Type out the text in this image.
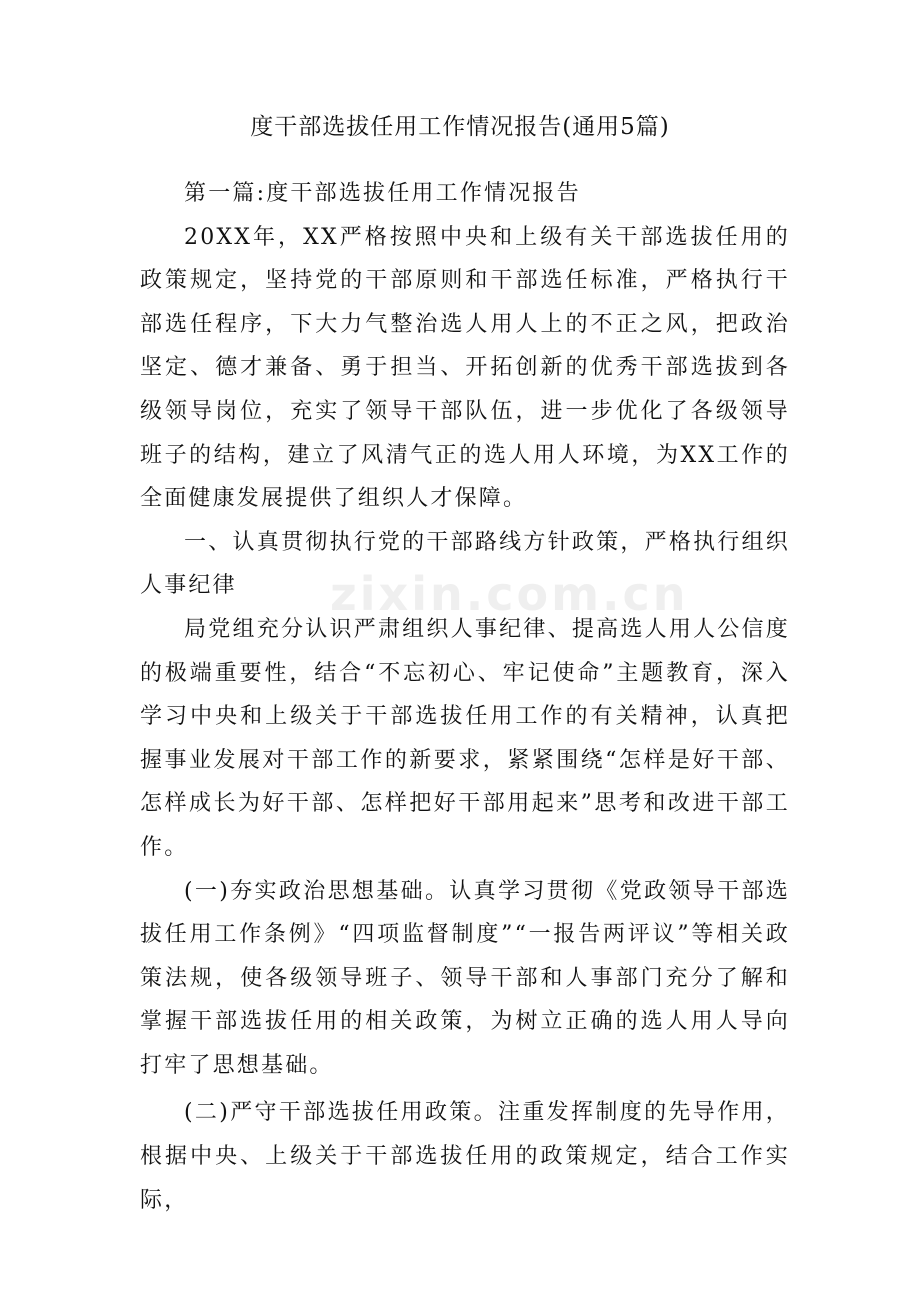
度干部选拔任用工作情况报告(通用5篇)

第一篇:度干部选拔任用工作情况报告

20XX年，XX严格按照中央和上级有关干部选拔任用的政策规定，坚持党的干部原则和干部选任标准，严格执行干部选任程序，下大力气整治选人用人上的不正之风，把政治坚定、德才兼备、勇于担当、开拓创新的优秀干部选拔到各级领导岗位，充实了领导干部队伍，进一步优化了各级领导班子的结构，建立了风清气正的选人用人环境，为XX工作的全面健康发展提供了组织人才保障。

一、认真贯彻执行党的干部路线方针政策，严格执行组织人事纪律

局党组充分认识严肃组织人事纪律、提高选人用人公信度的极端重要性，结合“不忘初心、牢记使命”主题教育，深入学习中央和上级关于干部选拔任用工作的有关精神，认真把握事业发展对干部工作的新要求，紧紧围绕“怎样是好干部、怎样成长为好干部、怎样把好干部用起来”思考和改进干部工作。

(一)夯实政治思想基础。认真学习贯彻《党政领导干部选拔任用工作条例》“四项监督制度”“一报告两评议”等相关政策法规，使各级领导班子、领导干部和人事部门充分了解和掌握干部选拔任用的相关政策，为树立正确的选人用人导向打牢了思想基础。

(二)严守干部选拔任用政策。注重发挥制度的先导作用，根据中央、上级关于干部选拔任用的政策规定，结合工作实际，

zixin.com.cn
